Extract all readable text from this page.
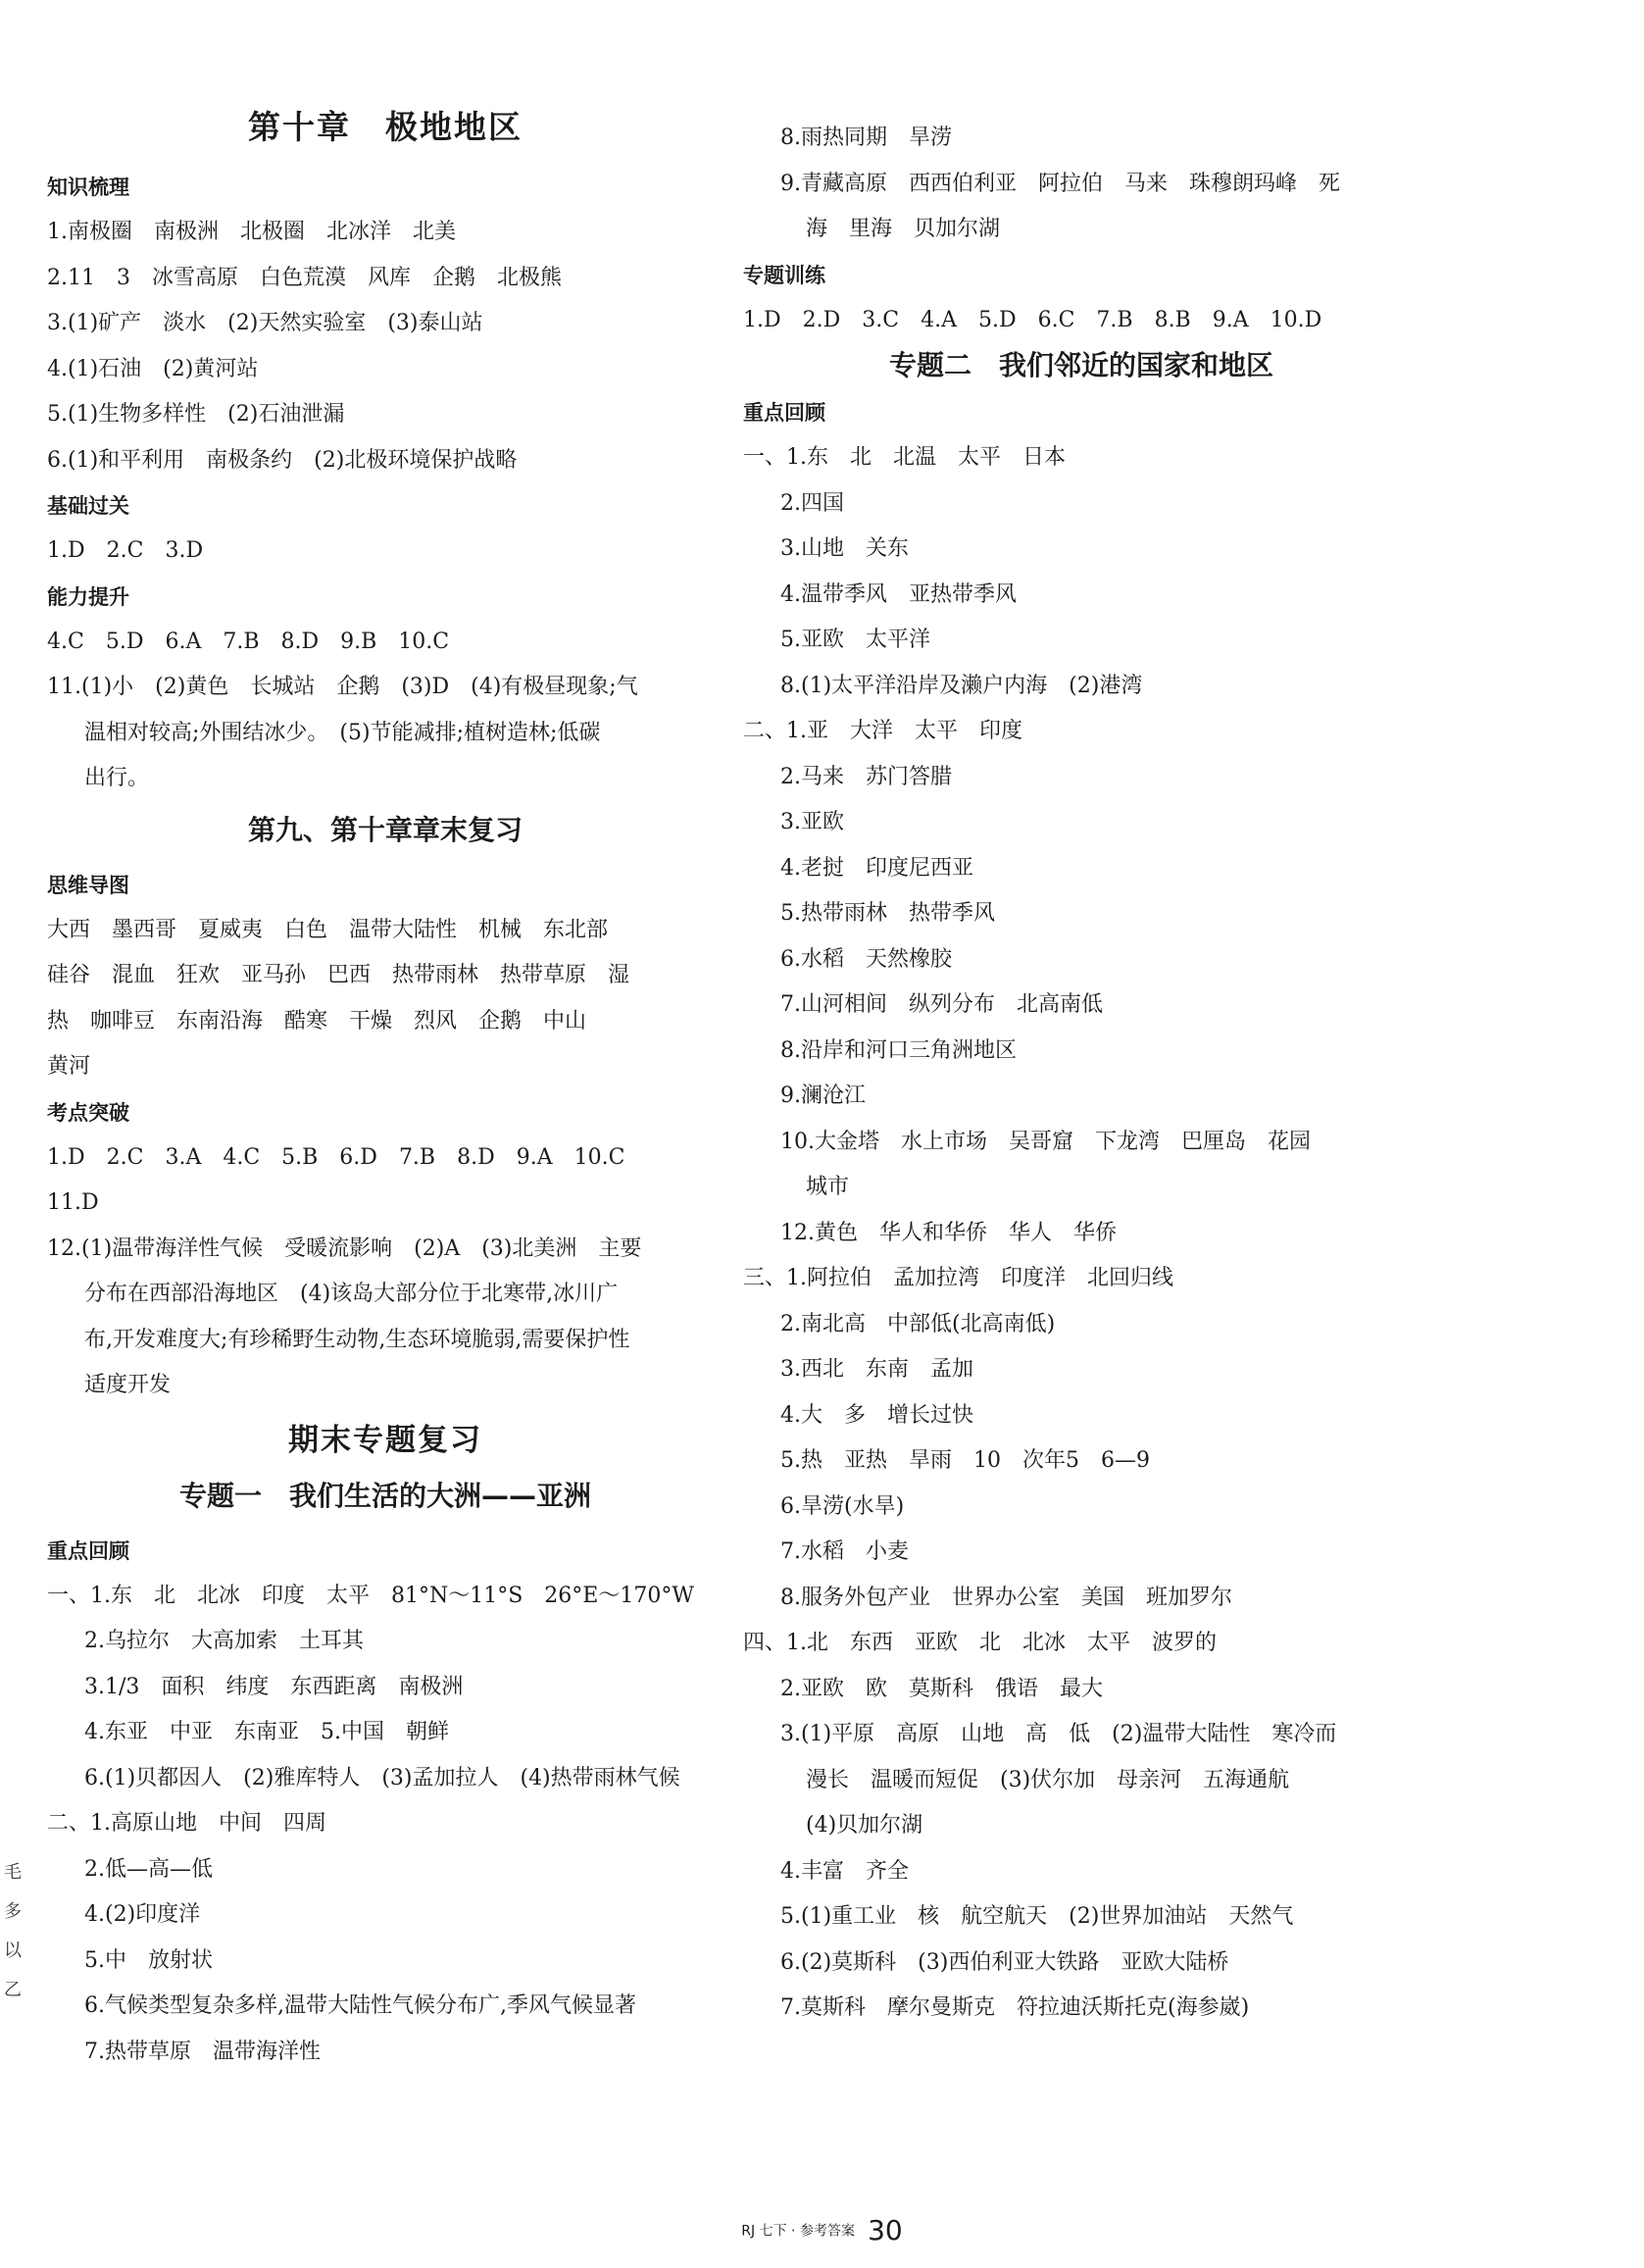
第十章　极地地区
知识梳理
1.南极圈　南极洲　北极圈　北冰洋　北美
2.11　3　冰雪高原　白色荒漠　风库　企鹅　北极熊
3.(1)矿产　淡水　(2)天然实验室　(3)泰山站
4.(1)石油　(2)黄河站
5.(1)生物多样性　(2)石油泄漏
6.(1)和平利用　南极条约　(2)北极环境保护战略
基础过关
1.D　2.C　3.D
能力提升
4.C　5.D　6.A　7.B　8.D　9.B　10.C
11.(1)小　(2)黄色　长城站　企鹅　(3)D　(4)有极昼现象;气
温相对较高;外围结冰少。　(5)节能减排;植树造林;低碳
出行。
第九、第十章章末复习
思维导图
大西　墨西哥　夏威夷　白色　温带大陆性　机械　东北部
硅谷　混血　狂欢　亚马孙　巴西　热带雨林　热带草原　湿
热　咖啡豆　东南沿海　酷寒　干燥　烈风　企鹅　中山
黄河
考点突破
1.D　2.C　3.A　4.C　5.B　6.D　7.B　8.D　9.A　10.C
11.D
12.(1)温带海洋性气候　受暖流影响　(2)A　(3)北美洲　主要
分布在西部沿海地区　(4)该岛大部分位于北寒带,冰川广
布,开发难度大;有珍稀野生动物,生态环境脆弱,需要保护性
适度开发
期末专题复习
专题一　我们生活的大洲——亚洲
重点回顾
一、1.东　北　北冰　印度　太平　81°N～11°S　26°E～170°W
2.乌拉尔　大高加索　土耳其
3.1/3　面积　纬度　东西距离　南极洲
4.东亚　中亚　东南亚　5.中国　朝鲜
6.(1)贝都因人　(2)雅库特人　(3)孟加拉人　(4)热带雨林气候
二、1.高原山地　中间　四周
2.低—高—低
4.(2)印度洋
5.中　放射状
6.气候类型复杂多样,温带大陆性气候分布广,季风气候显著
7.热带草原　温带海洋性
8.雨热同期　旱涝
9.青藏高原　西西伯利亚　阿拉伯　马来　珠穆朗玛峰　死
海　里海　贝加尔湖
专题训练
1.D　2.D　3.C　4.A　5.D　6.C　7.B　8.B　9.A　10.D
专题二　我们邻近的国家和地区
重点回顾
一、1.东　北　北温　太平　日本
2.四国
3.山地　关东
4.温带季风　亚热带季风
5.亚欧　太平洋
8.(1)太平洋沿岸及濑户内海　(2)港湾
二、1.亚　大洋　太平　印度
2.马来　苏门答腊
3.亚欧
4.老挝　印度尼西亚
5.热带雨林　热带季风
6.水稻　天然橡胶
7.山河相间　纵列分布　北高南低
8.沿岸和河口三角洲地区
9.澜沧江
10.大金塔　水上市场　吴哥窟　下龙湾　巴厘岛　花园
城市
12.黄色　华人和华侨　华人　华侨
三、1.阿拉伯　孟加拉湾　印度洋　北回归线
2.南北高　中部低(北高南低)
3.西北　东南　孟加
4.大　多　增长过快
5.热　亚热　旱雨　10　次年5　6—9
6.旱涝(水旱)
7.水稻　小麦
8.服务外包产业　世界办公室　美国　班加罗尔
四、1.北　东西　亚欧　北　北冰　太平　波罗的
2.亚欧　欧　莫斯科　俄语　最大
3.(1)平原　高原　山地　高　低　(2)温带大陆性　寒冷而
漫长　温暖而短促　(3)伏尔加　母亲河　五海通航
(4)贝加尔湖
4.丰富　齐全
5.(1)重工业　核　航空航天　(2)世界加油站　天然气
6.(2)莫斯科　(3)西伯利亚大铁路　亚欧大陆桥
7.莫斯科　摩尔曼斯克　符拉迪沃斯托克(海参崴)
毛
多
以
乙
RJ 七下 · 参考答案 30
